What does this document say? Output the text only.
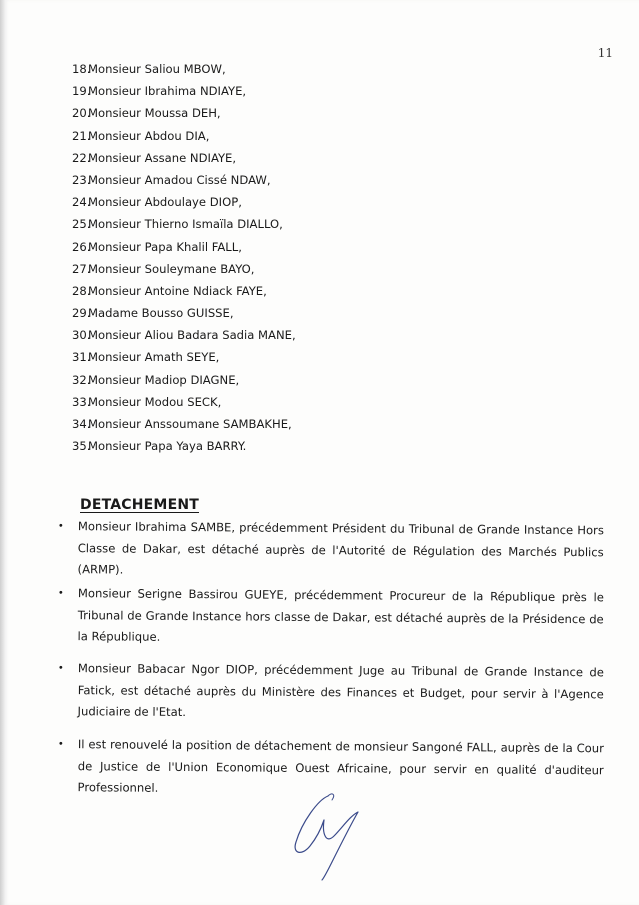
11
18.Monsieur Saliou MBOW,
19.Monsieur Ibrahima NDIAYE,
20.Monsieur Moussa DEH,
21.Monsieur Abdou DIA,
22.Monsieur Assane NDIAYE,
23.Monsieur Amadou Cissé NDAW,
24.Monsieur Abdoulaye DIOP,
25.Monsieur Thierno Ismaïla DIALLO,
26.Monsieur Papa Khalil FALL,
27.Monsieur Souleymane BAYO,
28.Monsieur Antoine Ndiack FAYE,
29.Madame Bousso GUISSE,
30.Monsieur Aliou Badara Sadia MANE,
31.Monsieur Amath SEYE,
32.Monsieur Madiop DIAGNE,
33.Monsieur Modou SECK,
34.Monsieur Anssoumane SAMBAKHE,
35.Monsieur Papa Yaya BARRY.
DETACHEMENT
• Monsieur Ibrahima SAMBE, précédemment Président du Tribunal de Grande Instance Hors Classe de Dakar, est détaché auprès de l'Autorité de Régulation des Marchés Publics (ARMP).
• Monsieur Serigne Bassirou GUEYE, précédemment Procureur de la République près le Tribunal de Grande Instance hors classe de Dakar, est détaché auprès de la Présidence de la République.
• Monsieur Babacar Ngor DIOP, précédemment Juge au Tribunal de Grande Instance de Fatick, est détaché auprès du Ministère des Finances et Budget, pour servir à l'Agence Judiciaire de l'Etat.
• Il est renouvelé la position de détachement de monsieur Sangoné FALL, auprès de la Cour de Justice de l'Union Economique Ouest Africaine, pour servir en qualité d'auditeur Professionnel.
